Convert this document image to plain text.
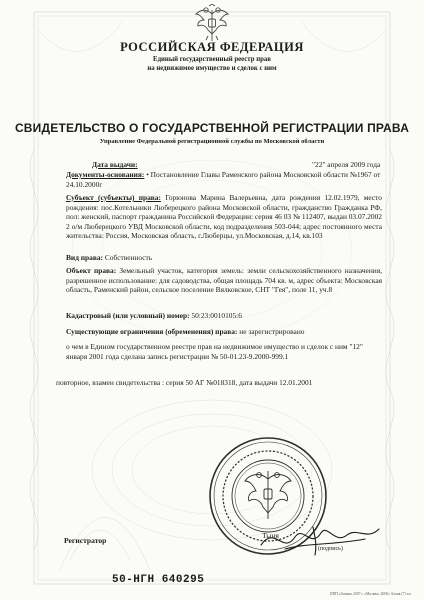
РОССИЙСКАЯ ФЕДЕРАЦИЯ
Единый государственный реестр прав
на недвижимое имущество и сделок с ним
СВИДЕТЕЛЬСТВО О ГОСУДАРСТВЕННОЙ РЕГИСТРАЦИИ ПРАВА
Управление Федеральной регистрационной службы по Московской области
Дата выдачи:	"22" апреля 2009 года
Документы-основания: • Постановление Главы Раменского района Московской области №1967 от 24.10.2000г
Субъект (субъекты) права: Горюнова Марина Валерьевна, дата рождения 12.02.1979, место рождения: пос.Котельники Люберецкого района Московской области, гражданство Гражданка РФ, пол: женский, паспорт гражданина Российской Федерации: серия 46 03 № 112407, выдан 03.07.2002 2 о/м Люберецкого УВД Московской области, код подразделения 503-044; адрес постоянного места жительства: Россия, Московская область, г.Люберцы, ул.Московская, д.14, кв.103
Вид права: Собственность
Объект права: Земельный участок, категория земель: земли сельскохозяйственного назначения, разрешенное использование: для садоводства, общая площадь 704 кв. м, адрес объекта: Московская область, Раменский район, сельское поселение Вялковское, СНТ "Гея", поле 11, уч.8
Кадастровый (или условный) номер: 50:23:0010105:6
Существующие ограничения (обременения) права: не зарегистрировано
о чем в Едином государственном реестре прав на недвижимое имущество и сделок с ним "12" января 2001 года сделана запись регистрации № 50-01.23-9.2000-999.1
повторное, взамен свидетельства : серия 50 АГ №018318, дата выдачи 12.01.2001
Регистратор
Тыня
(подпись)
50-НГН 640295
ППП «Гознак» 2007 г. «Москва» 2008 г. Бланк (71 кл.
